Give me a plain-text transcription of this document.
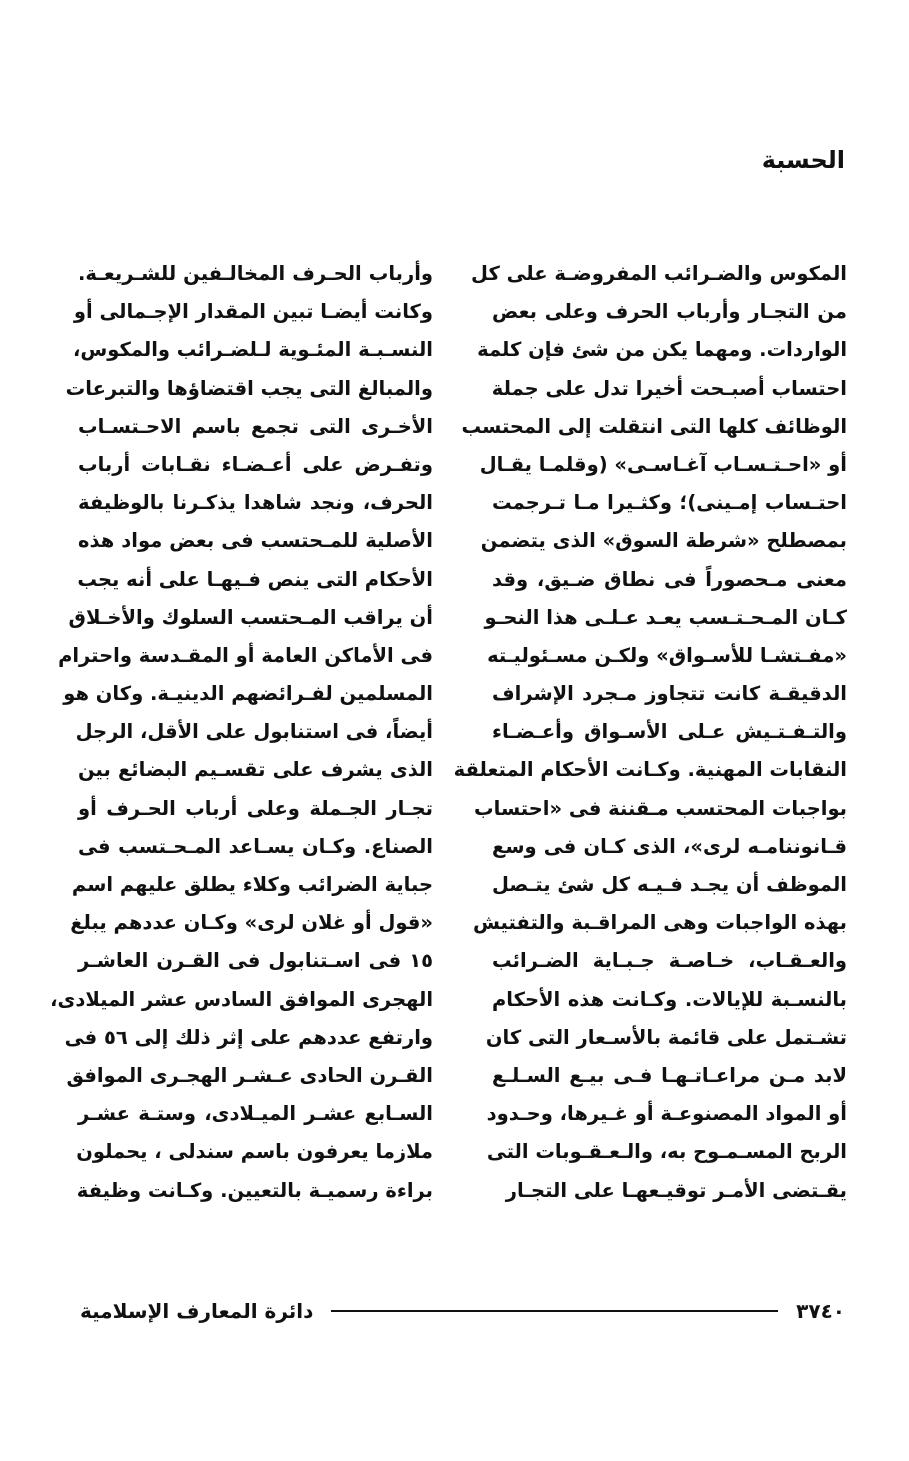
الحسبة
المكوس والضـرائب المفروضـة على كل
من التجـار وأرباب الحرف وعلى بعض
الواردات. ومهما يكن من شئ فإن كلمة
احتساب أصبـحت أخيرا تدل على جملة
الوظائف كلها التى انتقلت إلى المحتسب
أو «احـتـسـاب آغـاسـى» (وقلمـا يقـال
احتـساب إمـينى)؛ وكثـيرا مـا تـرجمت
بمصطلح «شرطة السوق» الذى يتضمن
معنى مـحصوراً فى نطاق ضـيق، وقد
كـان المـحـتـسب يعـد عـلـى هذا النحـو
«مفـتشـا للأسـواق» ولكـن مسـئوليـته
الدقيقـة كانت تتجاوز مـجرد الإشراف
والتـفـتـيش عـلى الأسـواق وأعـضـاء
النقابات المهنية. وكـانت الأحكام المتعلقة
بواجبات المحتسب مـقننة فى «احتساب
قـانوننامـه لرى»، الذى كـان فى وسع
الموظف أن يجـد فـيـه كل شئ يتـصل
بهذه الواجبات وهى المراقـبة والتفتيش
والعـقـاب، خـاصـة جـبـاية الضـرائب
بالنسـبة للإيالات. وكـانت هذه الأحكام
تشـتمل على قائمة بالأسـعار التى كان
لابد مـن مراعـاتـهـا فـى بيـع السـلـع
أو المواد المصنوعـة أو غـيرها، وحـدود
الربح المسـمـوح به، والـعـقـوبات التى
يقـتضى الأمـر توقيـعهـا على التجـار
وأرباب الحـرف المخالـفين للشـريعـة.
وكانت أيضـا تبين المقدار الإجـمالى أو
النسـبـة المئـوية لـلضـرائب والمكوس،
والمبالغ التى يجب اقتضاؤها والتبرعات
الأخـرى التى تجمع باسم الاحـتسـاب
وتفـرض على أعـضـاء نقـابات أرباب
الحرف، ونجد شاهدا يذكـرنا بالوظيفة
الأصلية للمـحتسب فى بعض مواد هذه
الأحكام التى ينص فـيهـا على أنه يجب
أن يراقب المـحتسب السلوك والأخـلاق
فى الأماكن العامة أو المقـدسة واحترام
المسلمين لفـرائضهم الدينيـة. وكان هو
أيضاً، فى استنابول على الأقل، الرجل
الذى يشرف على تقسـيم البضائع بين
تجـار الجـملة وعلى أرباب الحـرف أو
الصناع. وكـان يسـاعد المـحـتسب فى
جباية الضرائب وكلاء يطلق عليهم اسم
«قول أو غلان لرى» وكـان عددهم يبلغ
١٥ فى اسـتنابول فى القـرن العاشـر
الهجرى الموافق السادس عشر الميلادى،
وارتفع عددهم على إثر ذلك إلى ٥٦ فى
القـرن الحادى عـشـر الهجـرى الموافق
السـابع عشـر الميـلادى، وستـة عشـر
ملازما يعرفون باسم سندلى ، يحملون
براءة رسميـة بالتعيين. وكـانت وظيفة
٣٧٤٠
دائرة المعارف الإسلامية
